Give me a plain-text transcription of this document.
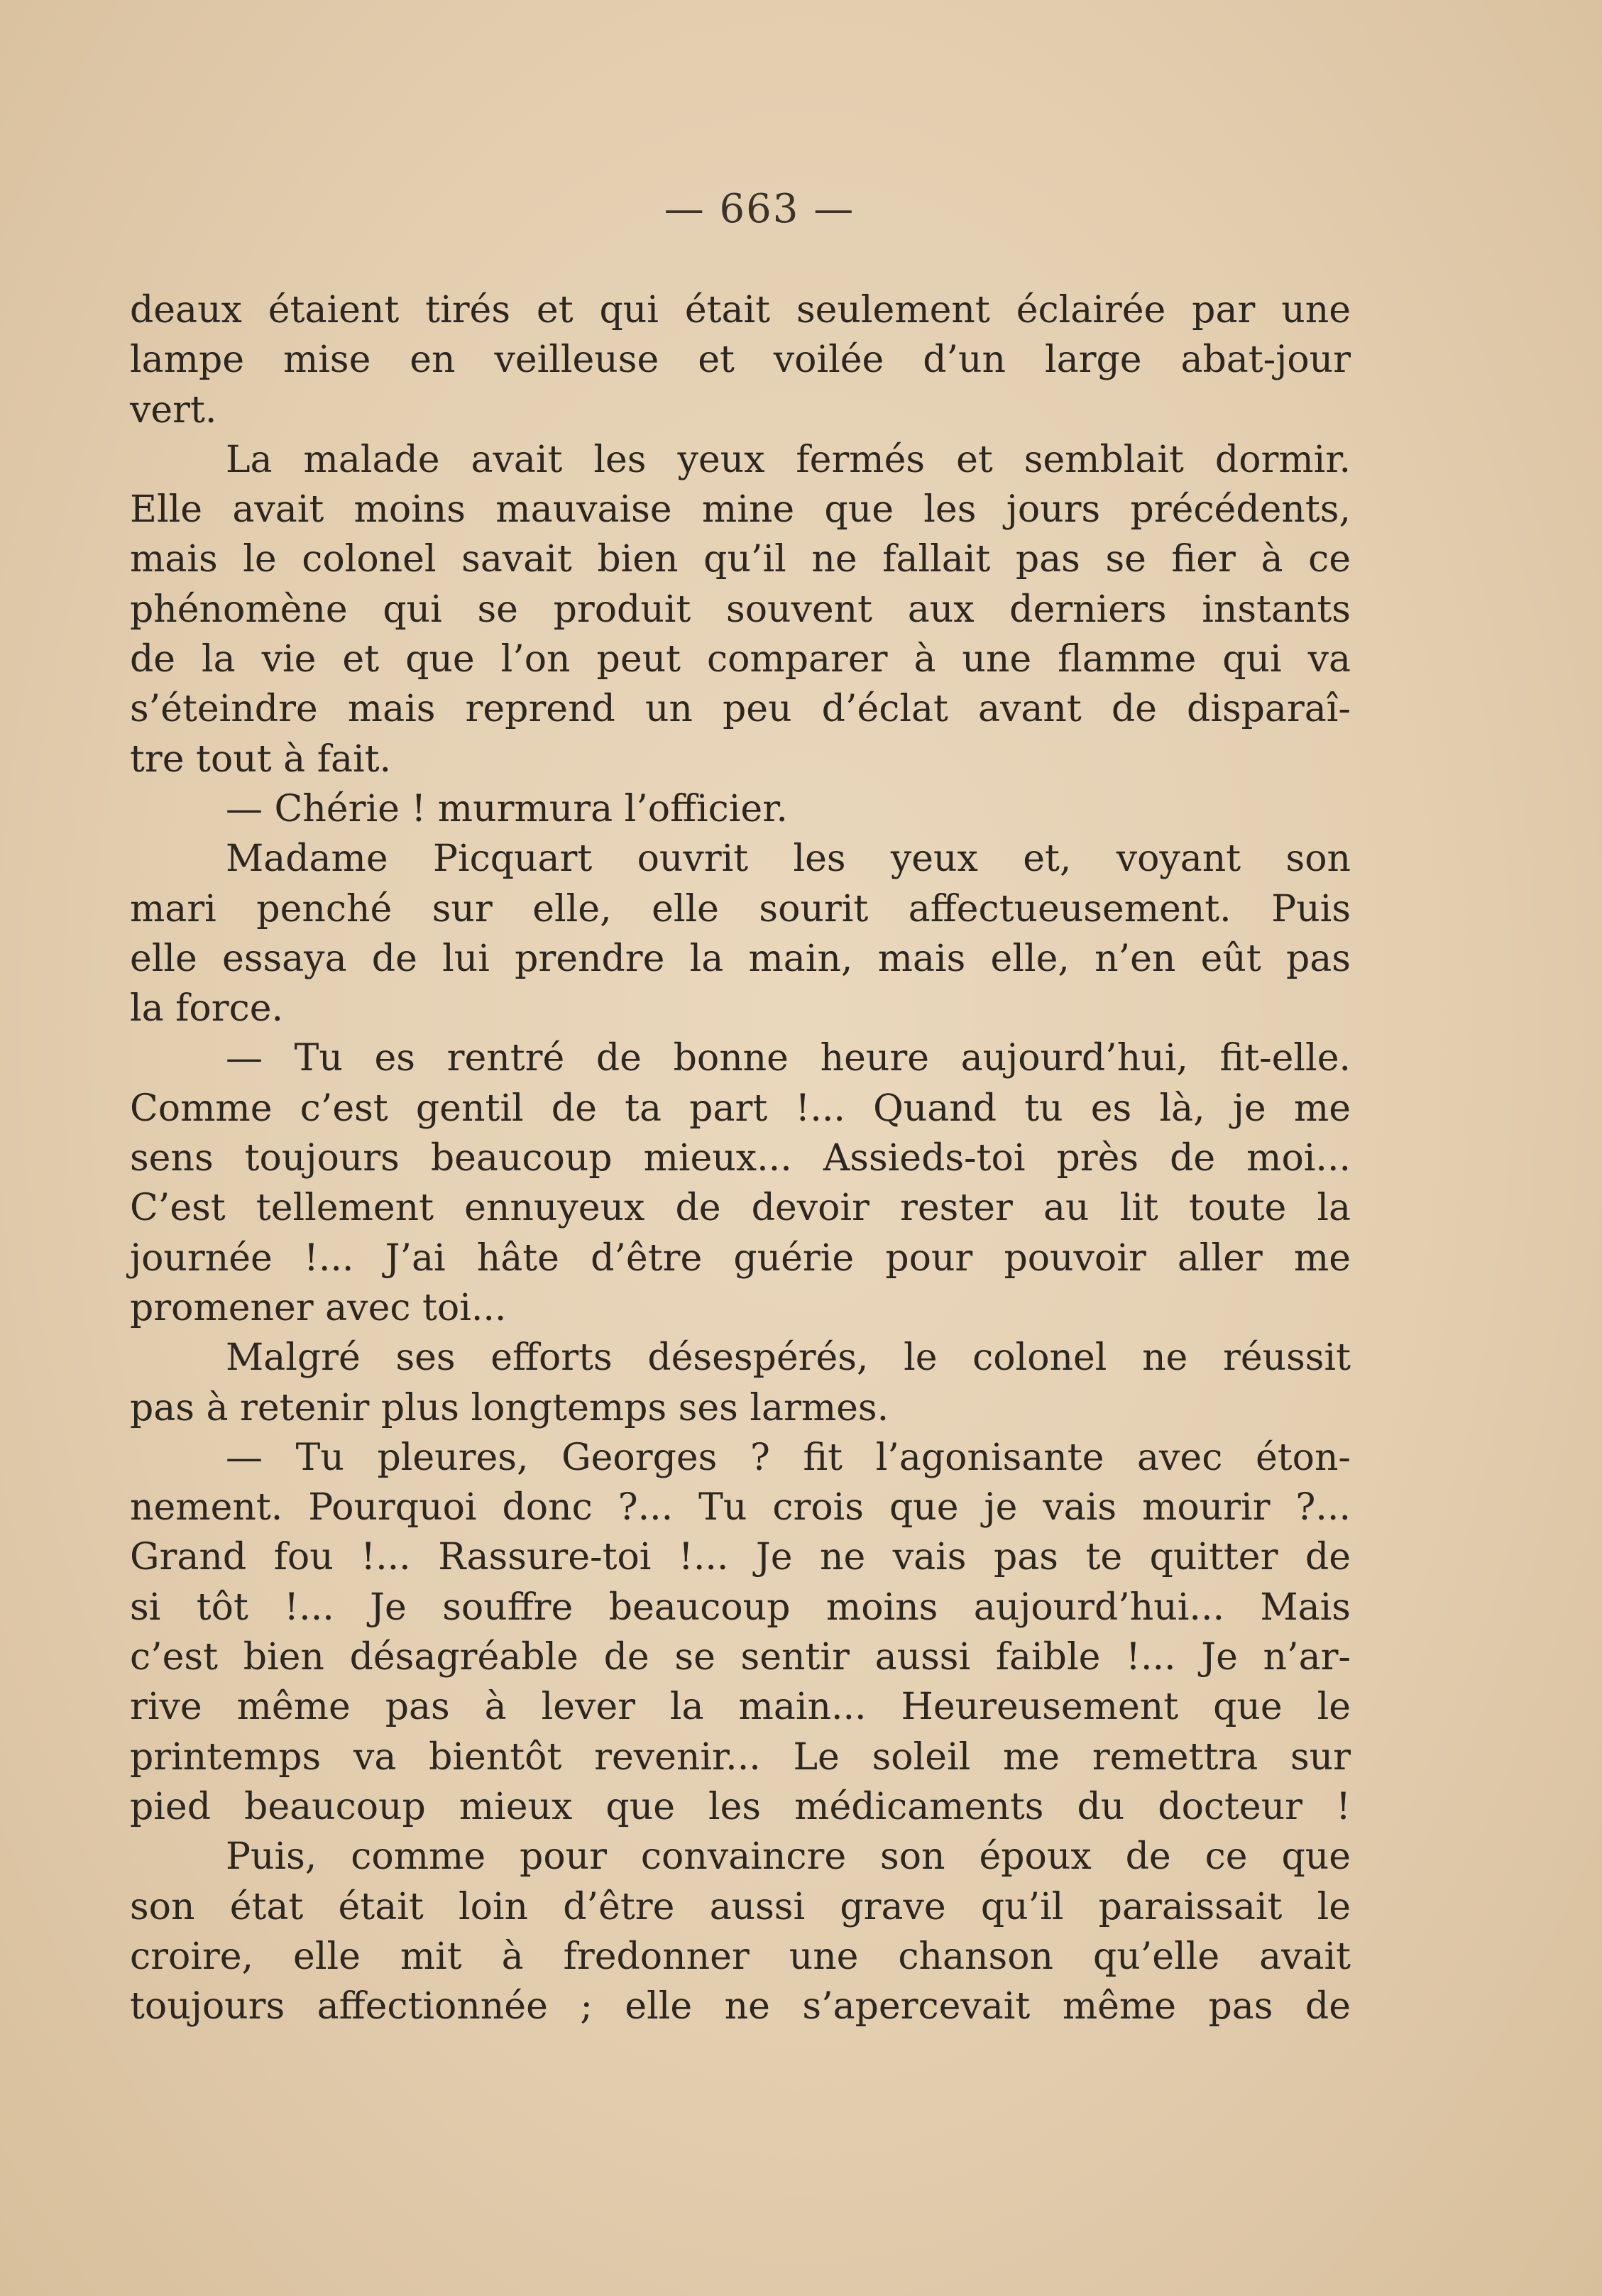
— 663 —
deaux étaient tirés et qui était seulement éclairée par une
lampe mise en veilleuse et voilée d’un large abat-jour
vert.
La malade avait les yeux fermés et semblait dormir.
Elle avait moins mauvaise mine que les jours précédents,
mais le colonel savait bien qu’il ne fallait pas se fier à ce
phénomène qui se produit souvent aux derniers instants
de la vie et que l’on peut comparer à une flamme qui va
s’éteindre mais reprend un peu d’éclat avant de disparaî-
tre tout à fait.
— Chérie ! murmura l’officier.
Madame Picquart ouvrit les yeux et, voyant son
mari penché sur elle, elle sourit affectueusement. Puis
elle essaya de lui prendre la main, mais elle, n’en eût pas
la force.
— Tu es rentré de bonne heure aujourd’hui, fit-elle.
Comme c’est gentil de ta part !... Quand tu es là, je me
sens toujours beaucoup mieux... Assieds-toi près de moi...
C’est tellement ennuyeux de devoir rester au lit toute la
journée !... J’ai hâte d’être guérie pour pouvoir aller me
promener avec toi...
Malgré ses efforts désespérés, le colonel ne réussit
pas à retenir plus longtemps ses larmes.
— Tu pleures, Georges ? fit l’agonisante avec éton-
nement. Pourquoi donc ?... Tu crois que je vais mourir ?...
Grand fou !... Rassure-toi !... Je ne vais pas te quitter de
si tôt !... Je souffre beaucoup moins aujourd’hui... Mais
c’est bien désagréable de se sentir aussi faible !... Je n’ar-
rive même pas à lever la main... Heureusement que le
printemps va bientôt revenir... Le soleil me remettra sur
pied beaucoup mieux que les médicaments du docteur !
Puis, comme pour convaincre son époux de ce que
son état était loin d’être aussi grave qu’il paraissait le
croire, elle mit à fredonner une chanson qu’elle avait
toujours affectionnée ; elle ne s’apercevait même pas de
